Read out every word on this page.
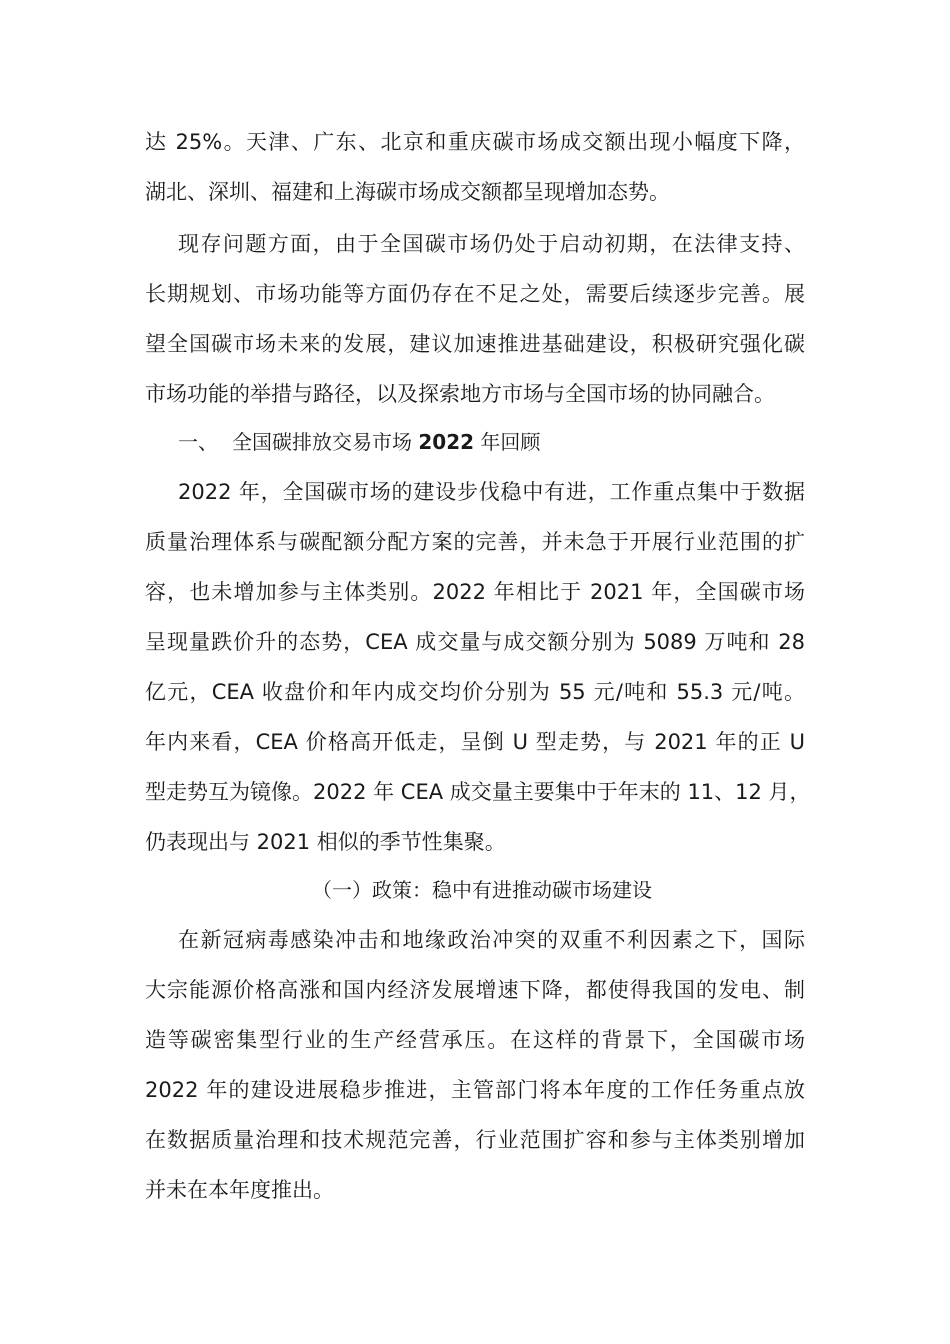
达 25%。天津、广东、北京和重庆碳市场成交额出现小幅度下降，
湖北、深圳、福建和上海碳市场成交额都呈现增加态势。
现存问题方面，由于全国碳市场仍处于启动初期，在法律支持、
长期规划、市场功能等方面仍存在不足之处，需要后续逐步完善。展
望全国碳市场未来的发展，建议加速推进基础建设，积极研究强化碳
市场功能的举措与路径，以及探索地方市场与全国市场的协同融合。
一、 全国碳排放交易市场 2022 年回顾
2022 年，全国碳市场的建设步伐稳中有进，工作重点集中于数据
质量治理体系与碳配额分配方案的完善，并未急于开展行业范围的扩
容，也未增加参与主体类别。2022 年相比于 2021 年，全国碳市场
呈现量跌价升的态势，CEA 成交量与成交额分别为 5089 万吨和 28
亿元，CEA 收盘价和年内成交均价分别为 55 元/吨和 55.3 元/吨。
年内来看，CEA 价格高开低走，呈倒 U 型走势，与 2021 年的正 U
型走势互为镜像。2022 年 CEA 成交量主要集中于年末的 11、12 月，
仍表现出与 2021 相似的季节性集聚。
（一）政策：稳中有进推动碳市场建设
在新冠病毒感染冲击和地缘政治冲突的双重不利因素之下，国际
大宗能源价格高涨和国内经济发展增速下降，都使得我国的发电、制
造等碳密集型行业的生产经营承压。在这样的背景下，全国碳市场
2022 年的建设进展稳步推进，主管部门将本年度的工作任务重点放
在数据质量治理和技术规范完善，行业范围扩容和参与主体类别增加
并未在本年度推出。
